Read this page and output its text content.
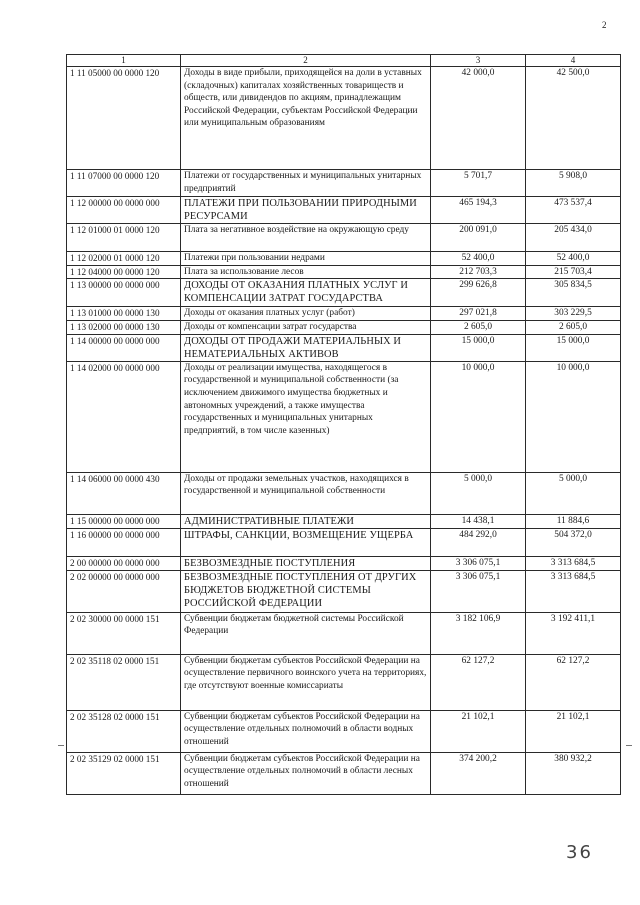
2
1	2	3	4
1 11 05000 00 0000 120	Доходы в виде прибыли, приходящейся на доли в уставных (складочных) капиталах хозяйственных товариществ и обществ, или дивидендов по акциям, принадлежащим Российской Федерации, субъектам Российской Федерации или муниципальным образованиям	42 000,0	42 500,0
1 11 07000 00 0000 120	Платежи от государственных и муниципальных унитарных предприятий	5 701,7	5 908,0
1 12 00000 00 0000 000	ПЛАТЕЖИ ПРИ ПОЛЬЗОВАНИИ ПРИРОДНЫМИ РЕСУРСАМИ	465 194,3	473 537,4
1 12 01000 01 0000 120	Плата за негативное воздействие на окружающую среду	200 091,0	205 434,0
1 12 02000 01 0000 120	Платежи при пользовании недрами	52 400,0	52 400,0
1 12 04000 00 0000 120	Плата за использование лесов	212 703,3	215 703,4
1 13 00000 00 0000 000	ДОХОДЫ ОТ ОКАЗАНИЯ ПЛАТНЫХ УСЛУГ И КОМПЕНСАЦИИ ЗАТРАТ ГОСУДАРСТВА	299 626,8	305 834,5
1 13 01000 00 0000 130	Доходы от оказания платных услуг (работ)	297 021,8	303 229,5
1 13 02000 00 0000 130	Доходы от компенсации затрат государства	2 605,0	2 605,0
1 14 00000 00 0000 000	ДОХОДЫ ОТ ПРОДАЖИ МАТЕРИАЛЬНЫХ И НЕМАТЕРИАЛЬНЫХ АКТИВОВ	15 000,0	15 000,0
1 14 02000 00 0000 000	Доходы от реализации имущества, находящегося в государственной и муниципальной собственности (за исключением движимого имущества бюджетных и автономных учреждений, а также имущества государственных и муниципальных унитарных предприятий, в том числе казенных)	10 000,0	10 000,0
1 14 06000 00 0000 430	Доходы от продажи земельных участков, находящихся в государственной и муниципальной собственности	5 000,0	5 000,0
1 15 00000 00 0000 000	АДМИНИСТРАТИВНЫЕ ПЛАТЕЖИ	14 438,1	11 884,6
1 16 00000 00 0000 000	ШТРАФЫ, САНКЦИИ, ВОЗМЕЩЕНИЕ УЩЕРБА	484 292,0	504 372,0
2 00 00000 00 0000 000	БЕЗВОЗМЕЗДНЫЕ ПОСТУПЛЕНИЯ	3 306 075,1	3 313 684,5
2 02 00000 00 0000 000	БЕЗВОЗМЕЗДНЫЕ ПОСТУПЛЕНИЯ ОТ ДРУГИХ БЮДЖЕТОВ БЮДЖЕТНОЙ СИСТЕМЫ РОССИЙСКОЙ ФЕДЕРАЦИИ	3 306 075,1	3 313 684,5
2 02 30000 00 0000 151	Субвенции бюджетам бюджетной системы Российской Федерации	3 182 106,9	3 192 411,1
2 02 35118 02 0000 151	Субвенции бюджетам субъектов Российской Федерации на осуществление первичного воинского учета на территориях, где отсутствуют военные комиссариаты	62 127,2	62 127,2
2 02 35128 02 0000 151	Субвенции бюджетам субъектов Российской Федерации на осуществление отдельных полномочий в области водных отношений	21 102,1	21 102,1
2 02 35129 02 0000 151	Субвенции бюджетам субъектов Российской Федерации на осуществление отдельных полномочий в области лесных отношений	374 200,2	380 932,2
36
